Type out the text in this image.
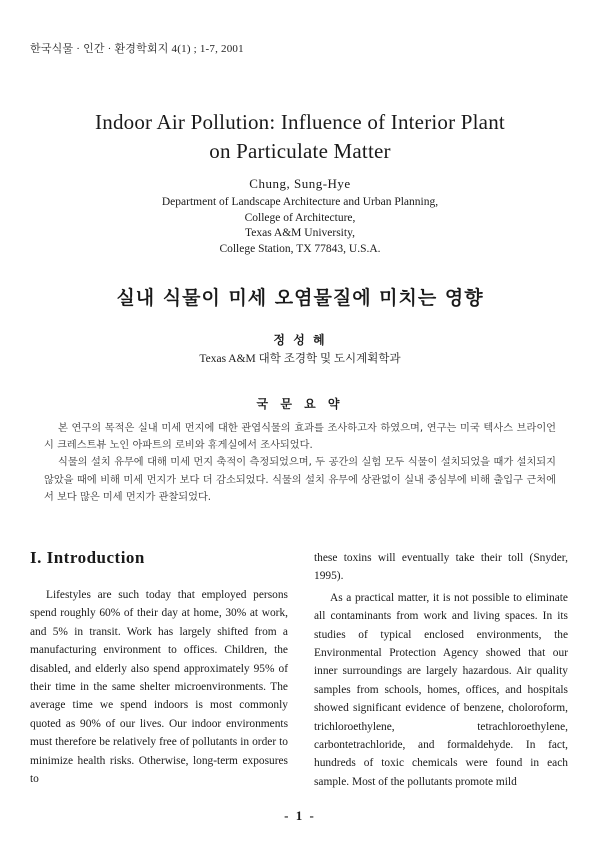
한국식물 · 인간 · 환경학회지 4(1) ; 1-7, 2001
Indoor Air Pollution: Influence of Interior Plant
on Particulate Matter
Chung, Sung-Hye
Department of Landscape Architecture and Urban Planning,
College of Architecture,
Texas A&M University,
College Station, TX 77843, U.S.A.
실내 식물이 미세 오염물질에 미치는 영향
정 성 혜
Texas A&M 대학 조경학 및 도시계획학과
국 문 요 약

본 연구의 목적은 실내 미세 먼지에 대한 관엽식물의 효과를 조사하고자 하였으며, 연구는 미국 텍사스 브라이언시 크레스트뷰 노인 아파트의 로비와 휴게실에서 조사되었다.

식물의 설치 유무에 대해 미세 먼지 축적이 측정되었으며, 두 공간의 실험 모두 식물이 설치되었을 때가 설치되지 않았을 때에 비해 미세 먼지가 보다 더 감소되었다. 식물의 설치 유무에 상관없이 실내 중심부에 비해 출입구 근처에서 보다 많은 미세 먼지가 관찰되었다.

I. Introduction

Lifestyles are such today that employed persons spend roughly 60% of their day at home, 30% at work, and 5% in transit. Work has largely shifted from a manufacturing environment to offices. Children, the disabled, and elderly also spend approximately 95% of their time in the same shelter microenvironments. The average time we spend indoors is most commonly quoted as 90% of our lives. Our indoor environments must therefore be relatively free of pollutants in order to minimize health risks. Otherwise, long-term exposures to

these toxins will eventually take their toll (Snyder, 1995).

As a practical matter, it is not possible to eliminate all contaminants from work and living spaces. In its studies of typical enclosed environments, the Environmental Protection Agency showed that our inner surroundings are largely hazardous. Air quality samples from schools, homes, offices, and hospitals showed significant evidence of benzene, choloroform, trichloroethylene, tetrachloroethylene, carbontetrachloride, and formaldehyde. In fact, hundreds of toxic chemicals were found in each sample. Most of the pollutants promote mild

- 1 -
